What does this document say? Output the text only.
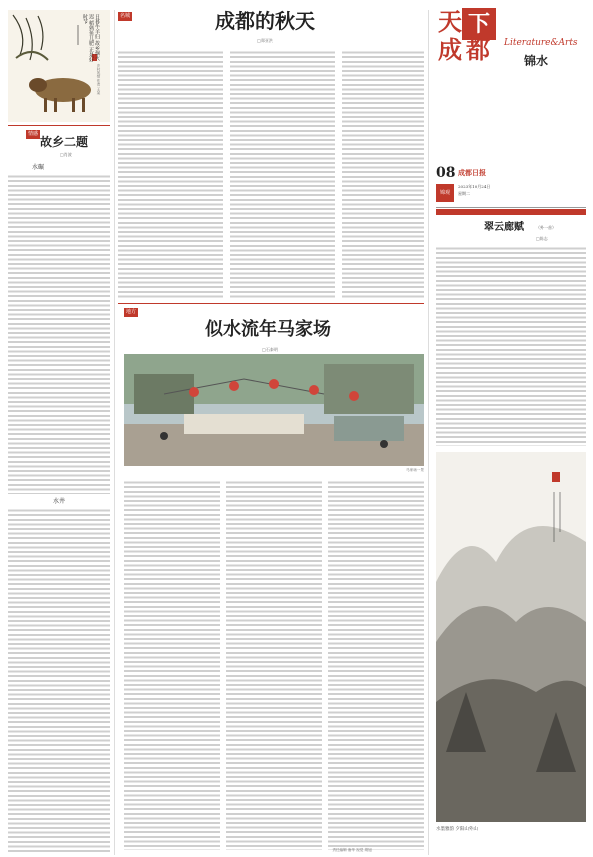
日暮牛羊归 故乡烟火迟 稻熟鱼儿肥 正是好时节
乡村风情 作者 王某
情感
故乡二题
□肖波
水碾
水井
名城	成都的秋天
□郑亚洪
地方
似水流年马家场
□石泰明
马家场一景
天 下
成 都 Literature&Arts
锦水
08 成都日报
锦观
2023年10月24日
星期二
翠云廊赋	（外一首）
□陈志
水墨雅韵 夕阳山外山
责任编辑 唐华 视觉 胡旭
